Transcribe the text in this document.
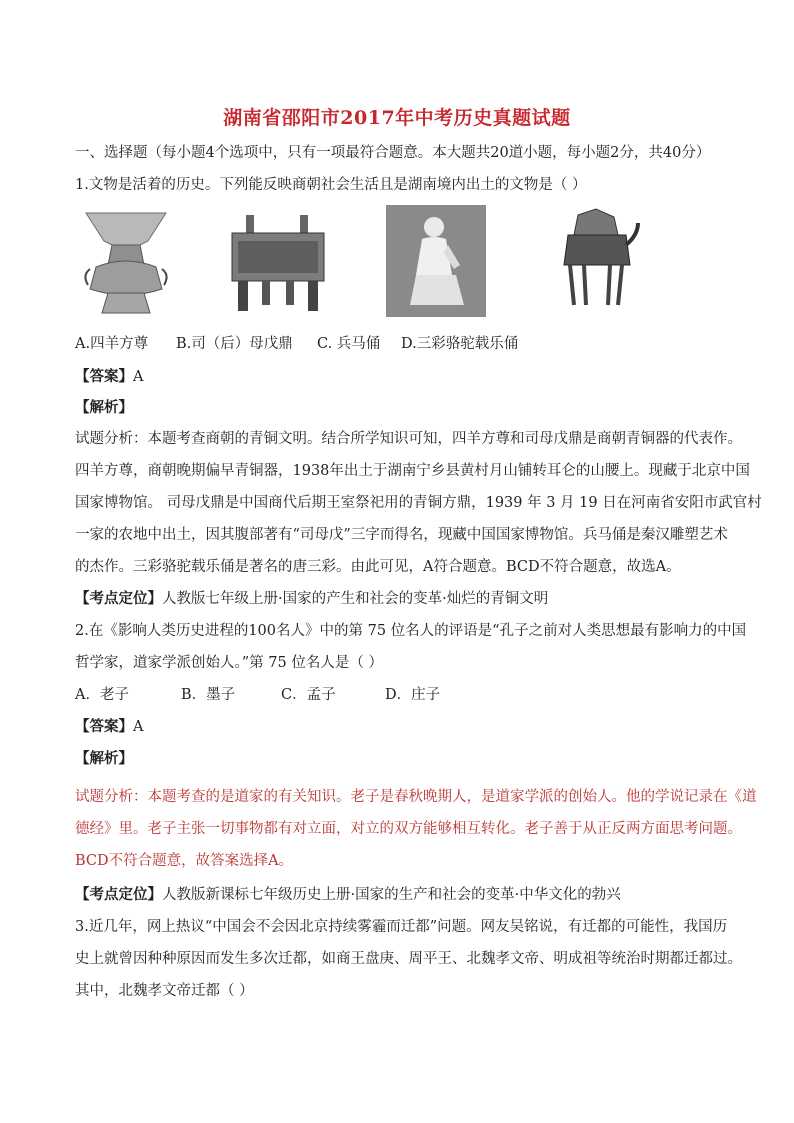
湖南省邵阳市2017年中考历史真题试题
一、选择题（每小题4个选项中，只有一项最符合题意。本大题共20道小题，每小题2分，共40分）
1.文物是活着的历史。下列能反映商朝社会生活且是湖南境内出土的文物是（ ）
A.四羊方尊 B.司（后）母戊鼎 C. 兵马俑 D.三彩骆驼载乐俑
【答案】A
【解析】
试题分析：本题考查商朝的青铜文明。结合所学知识可知，四羊方尊和司母戊鼎是商朝青铜器的代表作。
四羊方尊，商朝晚期偏早青铜器，1938年出土于湖南宁乡县黄村月山铺转耳仑的山腰上。现藏于北京中国
国家博物馆。 司母戊鼎是中国商代后期王室祭祀用的青铜方鼎，1939 年 3 月 19 日在河南省安阳市武官村
一家的农地中出土，因其腹部著有“司母戊”三字而得名，现藏中国国家博物馆。兵马俑是秦汉雕塑艺术
的杰作。三彩骆驼载乐俑是著名的唐三彩。由此可见，A符合题意。BCD不符合题意，故选A。
【考点定位】人教版七年级上册·国家的产生和社会的变革·灿烂的青铜文明
2.在《影响人类历史进程的100名人》中的第 75 位名人的评语是“孔子之前对人类思想最有影响力的中国
哲学家，道家学派创始人。”第 75 位名人是（ ）
A．老子	B．墨子	C．孟子	D．庄子
【答案】A
【解析】
试题分析：本题考查的是道家的有关知识。老子是春秋晚期人，是道家学派的创始人。他的学说记录在《道
德经》里。老子主张一切事物都有对立面，对立的双方能够相互转化。老子善于从正反两方面思考问题。
BCD不符合题意，故答案选择A。
【考点定位】人教版新课标七年级历史上册·国家的生产和社会的变革·中华文化的勃兴
3.近几年，网上热议“中国会不会因北京持续雾霾而迁都”问题。网友吴铭说，有迁都的可能性，我国历
史上就曾因种种原因而发生多次迁都，如商王盘庚、周平王、北魏孝文帝、明成祖等统治时期都迁都过。
其中，北魏孝文帝迁都（ ）
